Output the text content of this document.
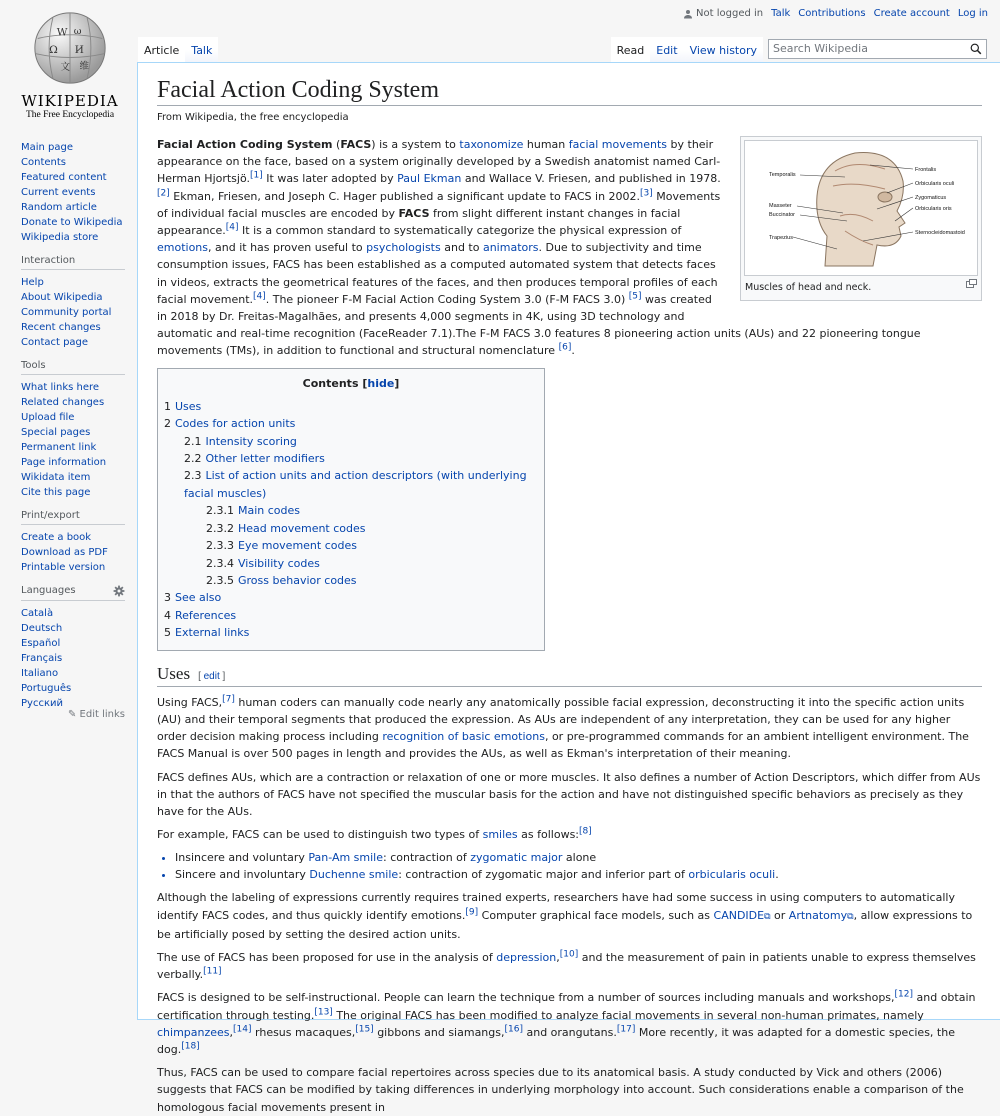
Not logged in Talk Contributions Create account Log in
W ω
Ω И
文 维
WIKIPEDIA
The Free Encyclopedia
Article	Talk	Read	Edit	View history	Search Wikipedia
Main page
Contents
Featured content
Current events
Random article
Donate to Wikipedia
Wikipedia store
Interaction
Help
About Wikipedia
Community portal
Recent changes
Contact page
Tools
What links here
Related changes
Upload file
Special pages
Permanent link
Page information
Wikidata item
Cite this page
Print/export
Create a book
Download as PDF
Printable version
Languages
Català
Deutsch
Español
Français
Italiano
Português
Русский
✎ Edit links
Facial Action Coding System
From Wikipedia, the free encyclopedia
Temporalis
Masseter
Buccinator
Trapezius
Frontalis
Orbicularis oculi
Zygomaticus
Orbicularis oris
Sternocleidomastoid
Muscles of head and neck.

Facial Action Coding System (FACS) is a system to taxonomize human facial movements by their appearance on the face, based on a system originally developed by a Swedish anatomist named Carl-Herman Hjortsjö.[1] It was later adopted by Paul Ekman and Wallace V. Friesen, and published in 1978.[2] Ekman, Friesen, and Joseph C. Hager published a significant update to FACS in 2002.[3] Movements of individual facial muscles are encoded by FACS from slight different instant changes in facial appearance.[4] It is a common standard to systematically categorize the physical expression of emotions, and it has proven useful to psychologists and to animators. Due to subjectivity and time consumption issues, FACS has been established as a computed automated system that detects faces in videos, extracts the geometrical features of the faces, and then produces temporal profiles of each facial movement.[4]. The pioneer F-M Facial Action Coding System 3.0 (F-M FACS 3.0) [5] was created in 2018 by Dr. Freitas-Magalhães, and presents 4,000 segments in 4K, using 3D technology and automatic and real-time recognition (FaceReader 7.1).The F-M FACS 3.0 features 8 pioneering action units (AUs) and 22 pioneering tongue movements (TMs), in addition to functional and structural nomenclature [6].

Contents [hide]
1 Uses
2 Codes for action units
2.1 Intensity scoring
2.2 Other letter modifiers
2.3 List of action units and action descriptors (with underlying facial muscles)
2.3.1 Main codes
2.3.2 Head movement codes
2.3.3 Eye movement codes
2.3.4 Visibility codes
2.3.5 Gross behavior codes
3 See also
4 References
5 External links
Uses [ edit ]

Using FACS,[7] human coders can manually code nearly any anatomically possible facial expression, deconstructing it into the specific action units (AU) and their temporal segments that produced the expression. As AUs are independent of any interpretation, they can be used for any higher order decision making process including recognition of basic emotions, or pre-programmed commands for an ambient intelligent environment. The FACS Manual is over 500 pages in length and provides the AUs, as well as Ekman's interpretation of their meaning.

FACS defines AUs, which are a contraction or relaxation of one or more muscles. It also defines a number of Action Descriptors, which differ from AUs in that the authors of FACS have not specified the muscular basis for the action and have not distinguished specific behaviors as precisely as they have for the AUs.

For example, FACS can be used to distinguish two types of smiles as follows:[8]

• Insincere and voluntary Pan-Am smile: contraction of zygomatic major alone
• Sincere and involuntary Duchenne smile: contraction of zygomatic major and inferior part of orbicularis oculi.

Although the labeling of expressions currently requires trained experts, researchers have had some success in using computers to automatically identify FACS codes, and thus quickly identify emotions.[9] Computer graphical face models, such as CANDIDE⧉ or Artnatomy⧉, allow expressions to be artificially posed by setting the desired action units.

The use of FACS has been proposed for use in the analysis of depression,[10] and the measurement of pain in patients unable to express themselves verbally.[11]

FACS is designed to be self-instructional. People can learn the technique from a number of sources including manuals and workshops,[12] and obtain certification through testing.[13] The original FACS has been modified to analyze facial movements in several non-human primates, namely chimpanzees,[14] rhesus macaques,[15] gibbons and siamangs,[16] and orangutans.[17] More recently, it was adapted for a domestic species, the dog.[18]

Thus, FACS can be used to compare facial repertoires across species due to its anatomical basis. A study conducted by Vick and others (2006) suggests that FACS can be modified by taking differences in underlying morphology into account. Such considerations enable a comparison of the homologous facial movements present in
